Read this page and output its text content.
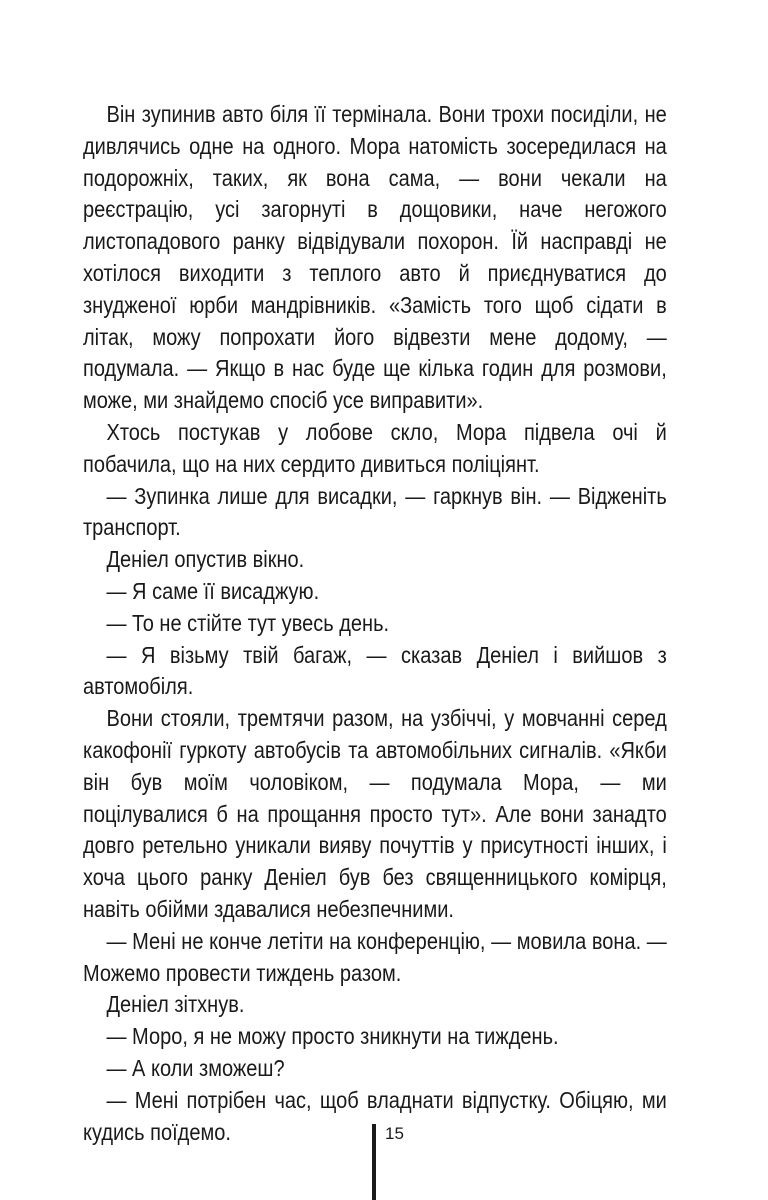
Він зупинив авто біля її термінала. Вони трохи посиділи, не дивлячись одне на одного. Мора натомість зосередилася на подорожніх, таких, як вона сама, — вони чекали на реєстрацію, усі загорнуті в дощовики, наче негожого листопадового ранку відвідували похорон. Їй насправді не хотілося виходити з теплого авто й приєднуватися до знудженої юрби мандрівників. «Замість того щоб сідати в літак, можу попрохати його відвезти мене додому, — подумала. — Якщо в нас буде ще кілька годин для розмови, може, ми знайдемо спосіб усе виправити».

Хтось постукав у лобове скло, Мора підвела очі й побачила, що на них сердито дивиться поліціянт.

— Зупинка лише для висадки, — гаркнув він. — Відженіть транспорт.

Деніел опустив вікно.

— Я саме її висаджую.

— То не стійте тут увесь день.

— Я візьму твій багаж, — сказав Деніел і вийшов з автомобіля.

Вони стояли, тремтячи разом, на узбіччі, у мовчанні серед какофонії гуркоту автобусів та автомобільних сигналів. «Якби він був моїм чоловіком, — подумала Мора, — ми поцілувалися б на прощання просто тут». Але вони занадто довго ретельно уникали вияву почуттів у присутності інших, і хоча цього ранку Деніел був без священницького комірця, навіть обійми здавалися небезпечними.

— Мені не конче летіти на конференцію, — мовила вона. — Можемо провести тиждень разом.

Деніел зітхнув.

— Моро, я не можу просто зникнути на тиждень.

— А коли зможеш?

— Мені потрібен час, щоб владнати відпустку. Обіцяю, ми кудись поїдемо.	15
